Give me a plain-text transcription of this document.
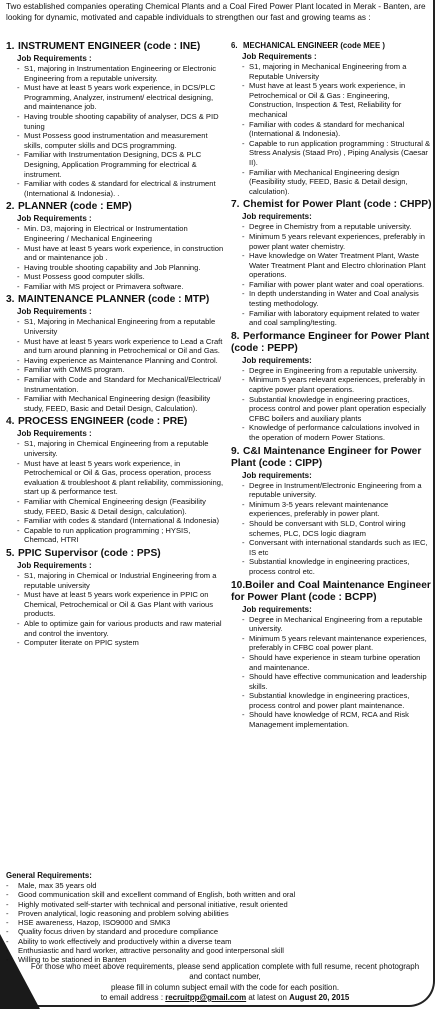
Two established companies operating Chemical Plants and a Coal Fired Power Plant located in Merak - Banten, are looking for dynamic, motivated and capable individuals to strengthen our fast and growing teams as :
1. INSTRUMENT ENGINEER (code : INE)
Job Requirements :
- S1, majoring in Instrumentation Engineering or Electronic Engineering from a reputable university.
- Must have at least 5 years work experience, in DCS/PLC Programming, Analyzer, instrument/ electrical designing, and maintenance job.
- Having trouble shooting capability of analyser, DCS & PID tuning
- Must Possess good instrumentation and measurement skills, computer skills and DCS programming.
- Familiar with Instrumentation Designing, DCS & PLC Designing, Application Programming for electrical & instrument.
- Familiar with codes & standard for electrical & instrument (International & Indonesia). .
2. PLANNER (code : EMP)
Job Requirements :
- Min. D3, majoring in Electrical or Instrumentation Engineering / Mechanical Engineering
- Must have at least 5 years work experience, in construction and or maintenance job .
- Having trouble shooting capability and Job Planning.
- Must Possess good computer skills.
- Familiar with MS project or Primavera software.
3. MAINTENANCE PLANNER (code : MTP)
Job Requirements :
- S1, Majoring in Mechanical Engineering from a reputable University
- Must have at least 5 years work experience to Lead a Craft and turn around planning in Petrochemical or Oil and Gas.
- Having experience as Maintenance Planning and Control.
- Familiar with CMMS program.
- Familiar with Code and Standard for Mechanical/Electrical/ Instrumentation.
- Familiar with Mechanical Engineering design (feasibility study, FEED, Basic and Detail Design, Calculation).
4. PROCESS ENGINEER (code : PRE)
Job Requirements :
- S1, majoring in Chemical Engineering from a reputable university.
- Must have at least 5 years work experience, in Petrochemical or Oil & Gas, process operation, process evaluation & troubleshoot & plant reliability, commissioning, start up & performance test.
- Familiar with Chemical Engineering design (Feasibility study, FEED, Basic & Detail design, calculation).
- Familiar with codes & standard (International & Indonesia)
- Capable to run application programming ; HYSIS, Chemcad, HTRI
5. PPIC Supervisor (code : PPS)
Job Requirements :
- S1, majoring in Chemical or Industrial Engineering from a reputable university
- Must have at least 5 years work experience in PPIC on Chemical, Petrochemical or Oil & Gas Plant with various products.
- Able to optimize gain for various products and raw material and control the inventory.
- Computer literate on PPIC system
6. MECHANICAL ENGINEER (code MEE )
Job Requirements :
- S1, majoring in Mechanical Engineering from a Reputable University
- Must have at least 5 years work experience, in Petrochemical or Oil & Gas : Engineering, Construction, Inspection & Test, Reliability for mechanical
- Familiar with codes & standard for mechanical (International & Indonesia).
- Capable to run application programming : Structural & Stress Analysis (Staad Pro) , Piping Analysis (Caesar II).
- Familiar with Mechanical Engineering design (Feasibility study, FEED, Basic & Detail design, calculation).
7. Chemist for Power Plant (code : CHPP)
Job requirements:
- Degree in Chemistry from a reputable university.
- Minimum 5 years relevant experiences, preferably in power plant water chemistry.
- Have knowledge on Water Treatment Plant, Waste Water Treatment Plant and Electro chlorination Plant operations.
- Familiar with power plant water and coal operations.
- In depth understanding in Water and Coal analysis testing methodology.
- Familiar with laboratory equipment related to water and coal sampling/testing.
8. Performance Engineer for Power Plant (code : PEPP)
Job requirements:
- Degree in Engineering from a reputable university.
- Minimum 5 years relevant experiences, preferably in captive power plant operations.
- Substantial knowledge in engineering practices, process control and power plant operation especially CFBC boilers and auxiliary plants
- Knowledge of performance calculations involved in the operation of modern Power Stations.
9. C&I Maintenance Engineer for Power Plant (code : CIPP)
Job requirements:
- Degree in Instrument/Electronic Engineering from a reputable university.
- Minimum 3-5 years relevant maintenance experiences, preferably in power plant.
- Should be conversant with SLD, Control wiring schemes, PLC, DCS logic diagram
- Conversant with international standards such as IEC, IS etc
- Substantial knowledge in engineering practices, process control etc.
10.Boiler and Coal Maintenance Engineer for Power Plant (code : BCPP)
Job requirements:
- Degree in Mechanical Engineering from a reputable university.
- Minimum 5 years relevant maintenance experiences, preferably in CFBC coal power plant.
- Should have experience in steam turbine operation and maintenance.
- Should have effective communication and leadership skills.
- Substantial knowledge in engineering practices, process control and power plant maintenance.
- Should have knowledge of RCM, RCA and Risk Management implementation.
General Requirements:
- Male, max 35 years old
- Good communication skill and excellent command of English, both written and oral
- Highly motivated self-starter with technical and personal initiative, result oriented
- Proven analytical, logic reasoning and problem solving abilities
- HSE awareness, Hazop, ISO9000 and SMK3
- Quality focus driven by standard and procedure compliance
- Ability to work effectively and productively within a diverse team
- Enthusiastic and hard worker, attractive personality and good interpersonal skill
- Willing to be stationed in Banten
For those who meet above requirements, please send application complete with full resume, recent photograph and contact number,
please fill in column subject email with the code for each position.
to email address : recruitpp@gmail.com at latest on August 20, 2015
